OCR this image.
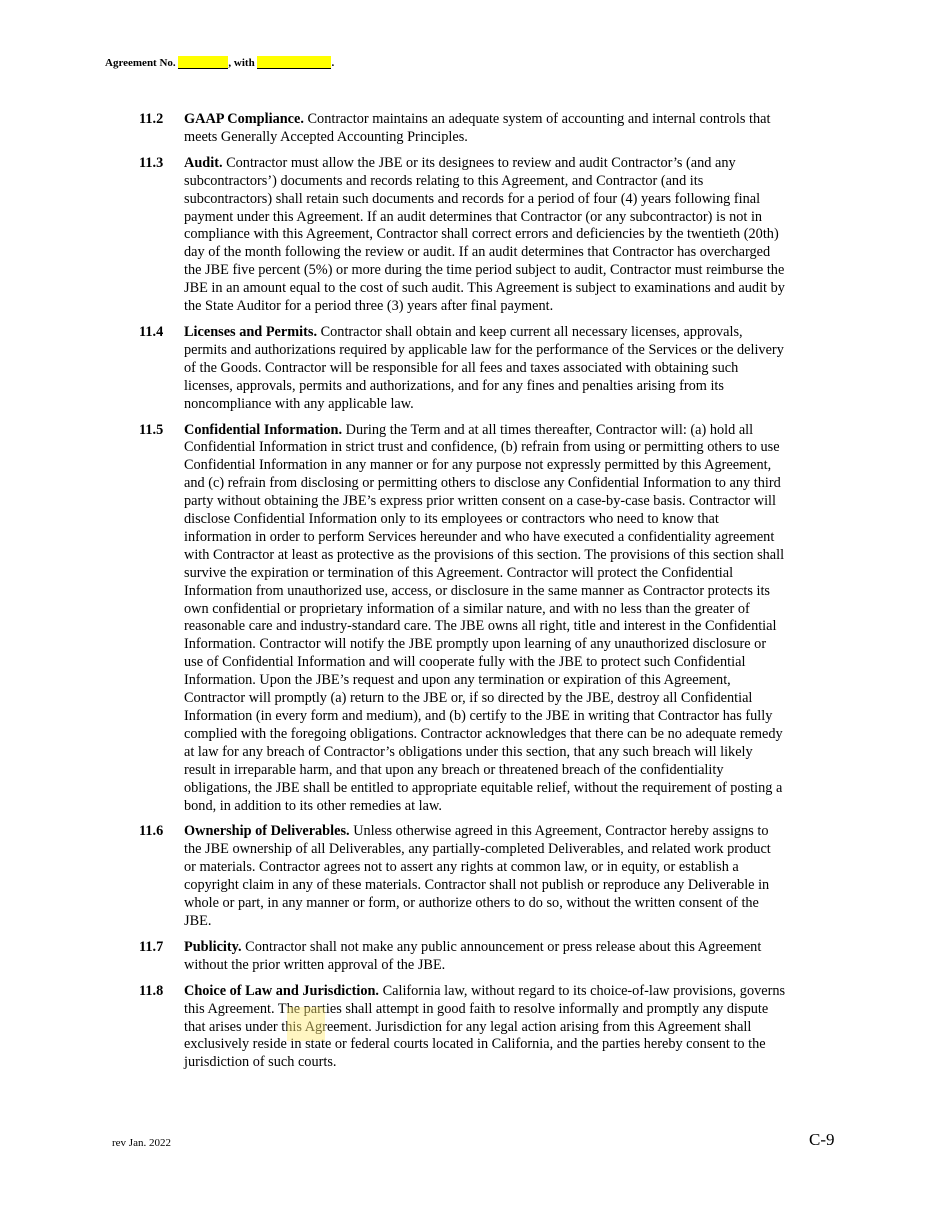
Agreement No.	, with	.
11.2 GAAP Compliance. Contractor maintains an adequate system of accounting and internal controls that
meets Generally Accepted Accounting Principles.
11.3 Audit. Contractor must allow the JBE or its designees to review and audit Contractor’s (and any
subcontractors’) documents and records relating to this Agreement, and Contractor (and its
subcontractors) shall retain such documents and records for a period of four (4) years following final
payment under this Agreement. If an audit determines that Contractor (or any subcontractor) is not in
compliance with this Agreement, Contractor shall correct errors and deficiencies by the twentieth (20th)
day of the month following the review or audit. If an audit determines that Contractor has overcharged
the JBE five percent (5%) or more during the time period subject to audit, Contractor must reimburse the
JBE in an amount equal to the cost of such audit. This Agreement is subject to examinations and audit by
the State Auditor for a period three (3) years after final payment.
11.4 Licenses and Permits. Contractor shall obtain and keep current all necessary licenses, approvals,
permits and authorizations required by applicable law for the performance of the Services or the delivery
of the Goods. Contractor will be responsible for all fees and taxes associated with obtaining such
licenses, approvals, permits and authorizations, and for any fines and penalties arising from its
noncompliance with any applicable law.
11.5 Confidential Information. During the Term and at all times thereafter, Contractor will: (a) hold all
Confidential Information in strict trust and confidence, (b) refrain from using or permitting others to use
Confidential Information in any manner or for any purpose not expressly permitted by this Agreement,
and (c) refrain from disclosing or permitting others to disclose any Confidential Information to any third
party without obtaining the JBE’s express prior written consent on a case-by-case basis. Contractor will
disclose Confidential Information only to its employees or contractors who need to know that
information in order to perform Services hereunder and who have executed a confidentiality agreement
with Contractor at least as protective as the provisions of this section. The provisions of this section shall
survive the expiration or termination of this Agreement. Contractor will protect the Confidential
Information from unauthorized use, access, or disclosure in the same manner as Contractor protects its
own confidential or proprietary information of a similar nature, and with no less than the greater of
reasonable care and industry-standard care. The JBE owns all right, title and interest in the Confidential
Information. Contractor will notify the JBE promptly upon learning of any unauthorized disclosure or
use of Confidential Information and will cooperate fully with the JBE to protect such Confidential
Information. Upon the JBE’s request and upon any termination or expiration of this Agreement,
Contractor will promptly (a) return to the JBE or, if so directed by the JBE, destroy all Confidential
Information (in every form and medium), and (b) certify to the JBE in writing that Contractor has fully
complied with the foregoing obligations. Contractor acknowledges that there can be no adequate remedy
at law for any breach of Contractor’s obligations under this section, that any such breach will likely
result in irreparable harm, and that upon any breach or threatened breach of the confidentiality
obligations, the JBE shall be entitled to appropriate equitable relief, without the requirement of posting a
bond, in addition to its other remedies at law.
11.6 Ownership of Deliverables. Unless otherwise agreed in this Agreement, Contractor hereby assigns to
the JBE ownership of all Deliverables, any partially-completed Deliverables, and related work product
or materials. Contractor agrees not to assert any rights at common law, or in equity, or establish a
copyright claim in any of these materials. Contractor shall not publish or reproduce any Deliverable in
whole or part, in any manner or form, or authorize others to do so, without the written consent of the
JBE.
11.7 Publicity. Contractor shall not make any public announcement or press release about this Agreement
without the prior written approval of the JBE.
11.8 Choice of Law and Jurisdiction. California law, without regard to its choice-of-law provisions, governs
this Agreement. The parties shall attempt in good faith to resolve informally and promptly any dispute
that arises under this Agreement. Jurisdiction for any legal action arising from this Agreement shall
exclusively reside in state or federal courts located in California, and the parties hereby consent to the
jurisdiction of such courts.
rev Jan. 2022	C-9
